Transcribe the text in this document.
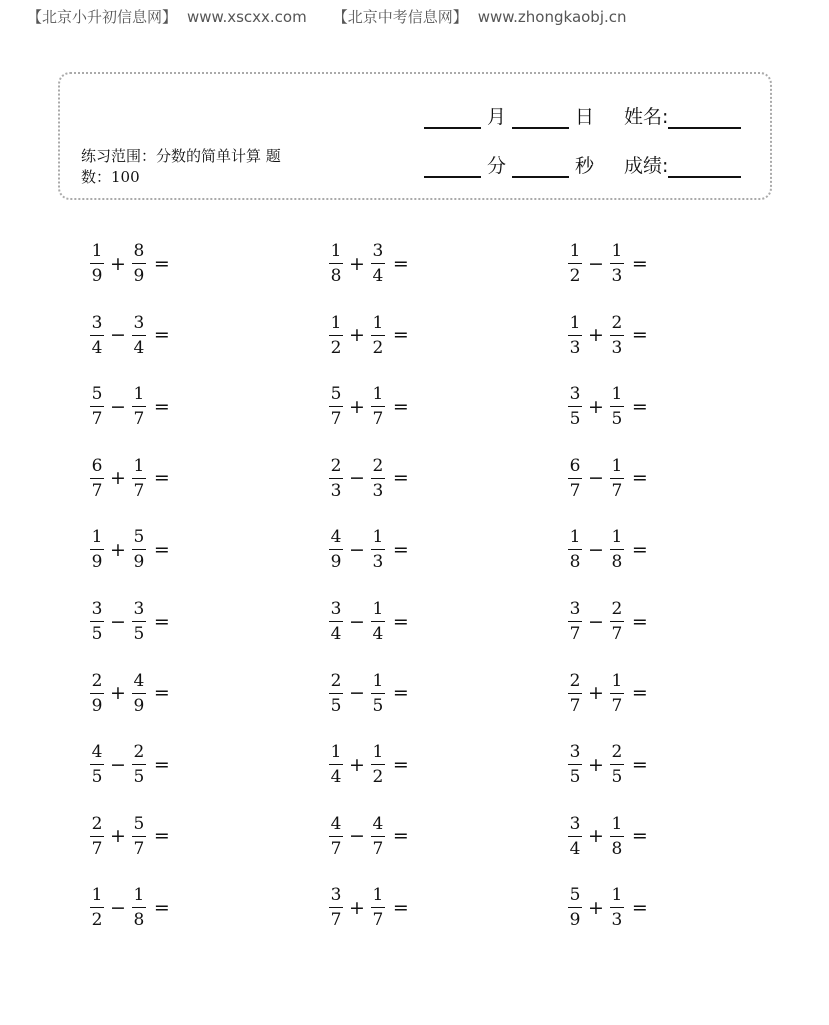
【北京小升初信息网】 www.xscxx.com 【北京中考信息网】 www.zhongkaobj.cn
练习范围：分数的简单计算 题
数：100
月	日	姓名:
分	秒	成绩:
$\frac{1}{9} + \frac{8}{9}$ =	$\frac{1}{8} + \frac{3}{4}$ =	$\frac{1}{2} - \frac{1}{3}$ =
$\frac{3}{4} - \frac{3}{4}$ =	$\frac{1}{2} + \frac{1}{2}$ =	$\frac{1}{3} + \frac{2}{3}$ =
$\frac{5}{7} - \frac{1}{7}$ =	$\frac{5}{7} + \frac{1}{7}$ =	$\frac{3}{5} + \frac{1}{5}$ =
$\frac{6}{7} + \frac{1}{7}$ =	$\frac{2}{3} - \frac{2}{3}$ =	$\frac{6}{7} - \frac{1}{7}$ =
$\frac{1}{9} + \frac{5}{9}$ =	$\frac{4}{9} - \frac{1}{3}$ =	$\frac{1}{8} - \frac{1}{8}$ =
$\frac{3}{5} - \frac{3}{5}$ =	$\frac{3}{4} - \frac{1}{4}$ =	$\frac{3}{7} - \frac{2}{7}$ =
$\frac{2}{9} + \frac{4}{9}$ =	$\frac{2}{5} - \frac{1}{5}$ =	$\frac{2}{7} + \frac{1}{7}$ =
$\frac{4}{5} - \frac{2}{5}$ =	$\frac{1}{4} + \frac{1}{2}$ =	$\frac{3}{5} + \frac{2}{5}$ =
$\frac{2}{7} + \frac{5}{7}$ =	$\frac{4}{7} - \frac{4}{7}$ =	$\frac{3}{4} + \frac{1}{8}$ =
$\frac{1}{2} - \frac{1}{8}$ =	$\frac{3}{7} + \frac{1}{7}$ =	$\frac{5}{9} + \frac{1}{3}$ =
